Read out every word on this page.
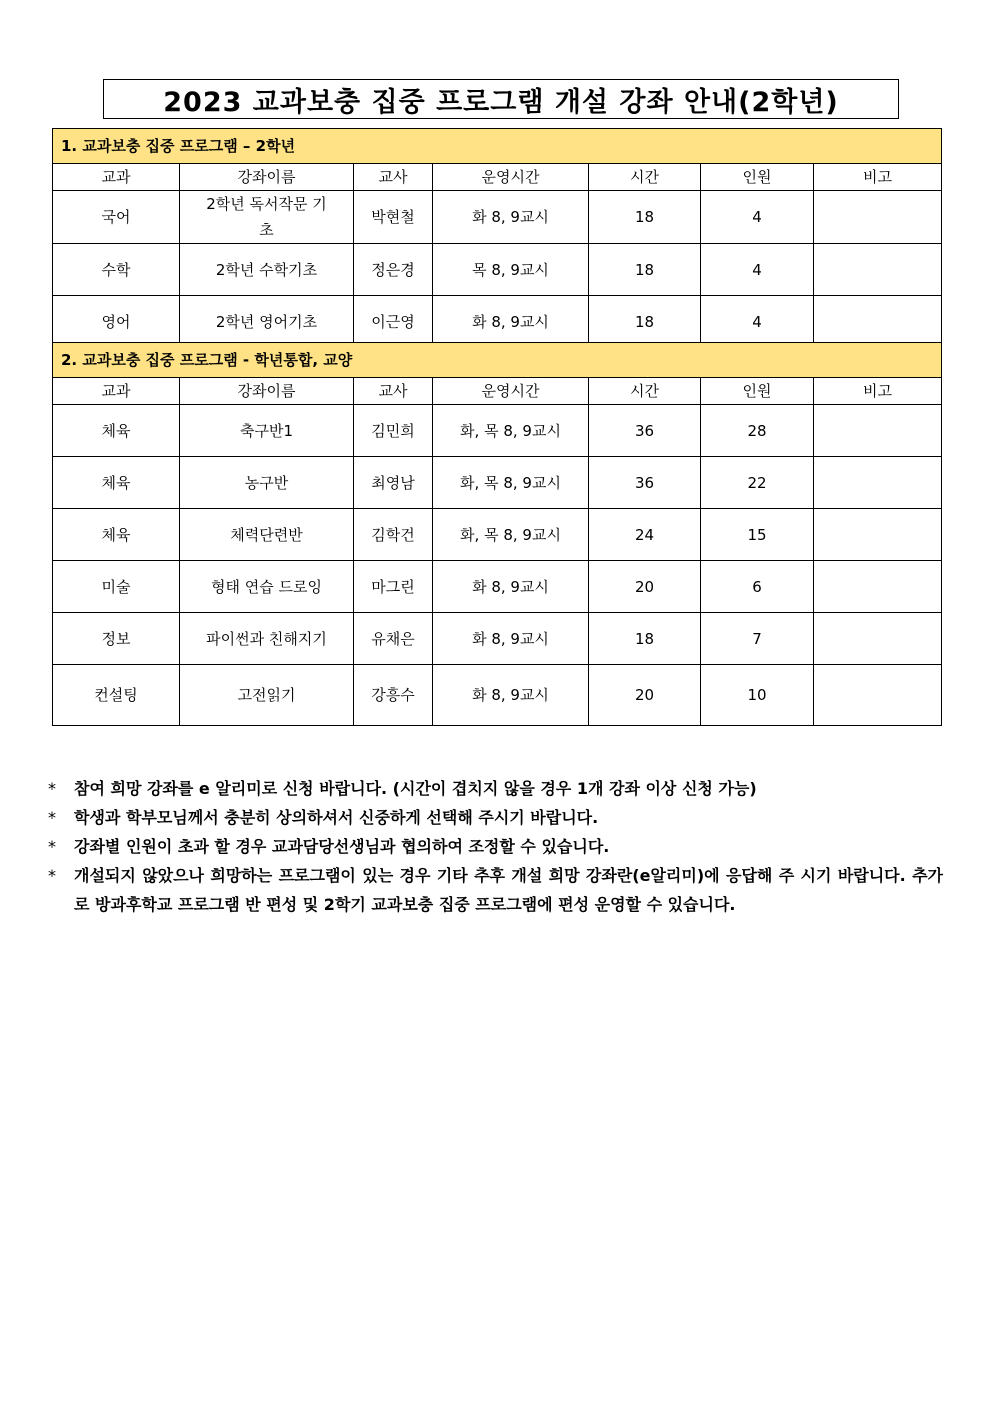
2023 교과보충 집중 프로그램 개설 강좌 안내(2학년)
1. 교과보충 집중 프로그램 – 2학년						
교과	강좌이름	교사	운영시간	시간	인원	비고
국어	2학년 독서작문 기초	박현철	화 8, 9교시	18	4	
수학	2학년 수학기초	정은경	목 8, 9교시	18	4	
영어	2학년 영어기초	이근영	화 8, 9교시	18	4	
2. 교과보충 집중 프로그램 - 학년통합, 교양						
교과	강좌이름	교사	운영시간	시간	인원	비고
체육	축구반1	김민희	화, 목 8, 9교시	36	28	
체육	농구반	최영남	화, 목 8, 9교시	36	22	
체육	체력단련반	김학건	화, 목 8, 9교시	24	15	
미술	형태 연습 드로잉	마그린	화 8, 9교시	20	6	
정보	파이썬과 친해지기	유채은	화 8, 9교시	18	7	
컨설팅	고전읽기	강흥수	화 8, 9교시	20	10	
*	참여 희망 강좌를 e 알리미로 신청 바랍니다. (시간이 겹치지 않을 경우 1개 강좌 이상 신청 가능)
*	학생과 학부모님께서 충분히 상의하셔서 신중하게 선택해 주시기 바랍니다.
*	강좌별 인원이 초과 할 경우 교과담당선생님과 협의하여 조정할 수 있습니다.
*	개설되지 않았으나 희망하는 프로그램이 있는 경우 기타 추후 개설 희망 강좌란(e알리미)에 응답해 주 시기 바랍니다. 추가로 방과후학교 프로그램 반 편성 및 2학기 교과보충 집중 프로그램에 편성 운영할 수 있습니다.
